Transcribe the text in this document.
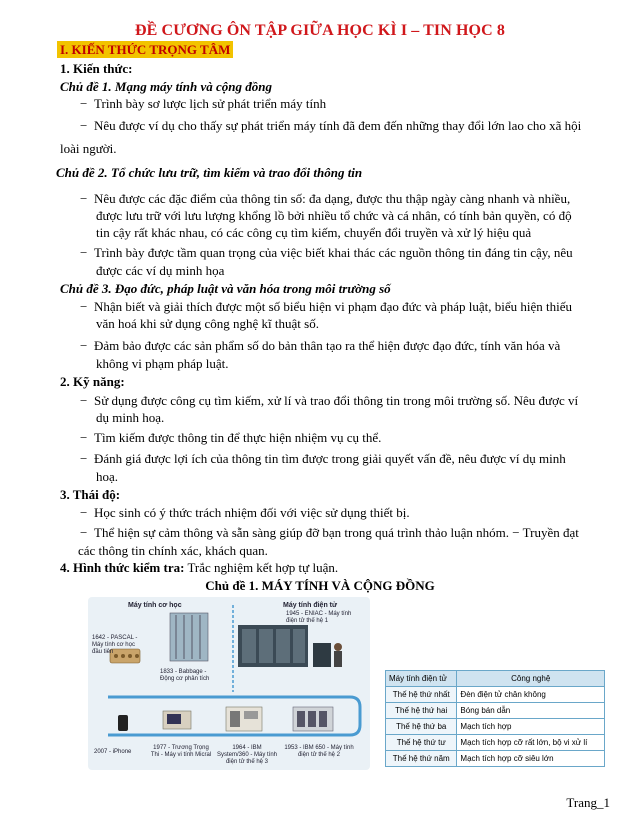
ĐỀ CƯƠNG ÔN TẬP GIỮA HỌC KÌ I – TIN HỌC 8
I. KIẾN THỨC TRỌNG TÂM
1. Kiến thức:
Chủ đề 1. Mạng máy tính và cộng đồng
− Trình bày sơ lược lịch sử phát triển máy tính
− Nêu được ví dụ cho thấy sự phát triển máy tính đã đem đến những thay đổi lớn lao cho xã hội
loài người.
Chủ đề 2. Tổ chức lưu trữ, tìm kiếm và trao đổi thông tin
− Nêu được các đặc điểm của thông tin số: đa dạng, được thu thập ngày càng nhanh và nhiều,
được lưu trữ với lưu lượng khổng lồ bởi nhiều tổ chức và cá nhân, có tính bản quyền, có độ
tin cậy rất khác nhau, có các công cụ tìm kiếm, chuyển đổi truyền và xử lý hiệu quả
− Trình bày được tầm quan trọng của việc biết khai thác các nguồn thông tin đáng tin cậy, nêu
được các ví dụ minh họa
Chủ đề 3. Đạo đức, pháp luật và văn hóa trong môi trường số
− Nhận biết và giải thích được một số biểu hiện vi phạm đạo đức và pháp luật, biểu hiện thiếu
văn hoá khi sử dụng công nghệ kĩ thuật số.
− Đảm bảo được các sản phẩm số do bản thân tạo ra thể hiện được đạo đức, tính văn hóa và
không vi phạm pháp luật.
2. Kỹ năng:
− Sử dụng được công cụ tìm kiếm, xử lí và trao đổi thông tin trong môi trường số. Nêu được ví
dụ minh hoạ.
− Tìm kiếm được thông tin để thực hiện nhiệm vụ cụ thể.
− Đánh giá được lợi ích của thông tin tìm được trong giải quyết vấn đề, nêu được ví dụ minh
hoạ.
3. Thái độ:
− Học sinh có ý thức trách nhiệm đối với việc sử dụng thiết bị.
− Thể hiện sự cảm thông và sẵn sàng giúp đỡ bạn trong quá trình thảo luận nhóm. − Truyền đạt
các thông tin chính xác, khách quan.
4. Hình thức kiểm tra: Trắc nghiệm kết hợp tự luận.
Chủ đề 1. MÁY TÍNH VÀ CỘNG ĐỒNG
Máy tính cơ học	Máy tính điện tử
1642 - PASCAL - Máy tính cơ học đầu tiên
1833 - Babbage - Động cơ phân tích
1945 - ENIAC - Máy tính điện tử thế hệ 1
2007 - iPhone
1977 - Trương Trọng Thi - Máy vi tính Micral
1964 - IBM System/360 - Máy tính điện tử thế hệ 3
1953 - IBM 650 - Máy tính điện tử thế hệ 2
Máy tính điện tử	Công nghệ
Thế hệ thứ nhất	Đèn điện tử chân không
Thế hệ thứ hai	Bóng bán dẫn
Thế hệ thứ ba	Mạch tích hợp
Thế hệ thứ tư	Mạch tích hợp cỡ rất lớn, bộ vi xử lí
Thế hệ thứ năm	Mạch tích hợp cỡ siêu lớn
Trang_1
